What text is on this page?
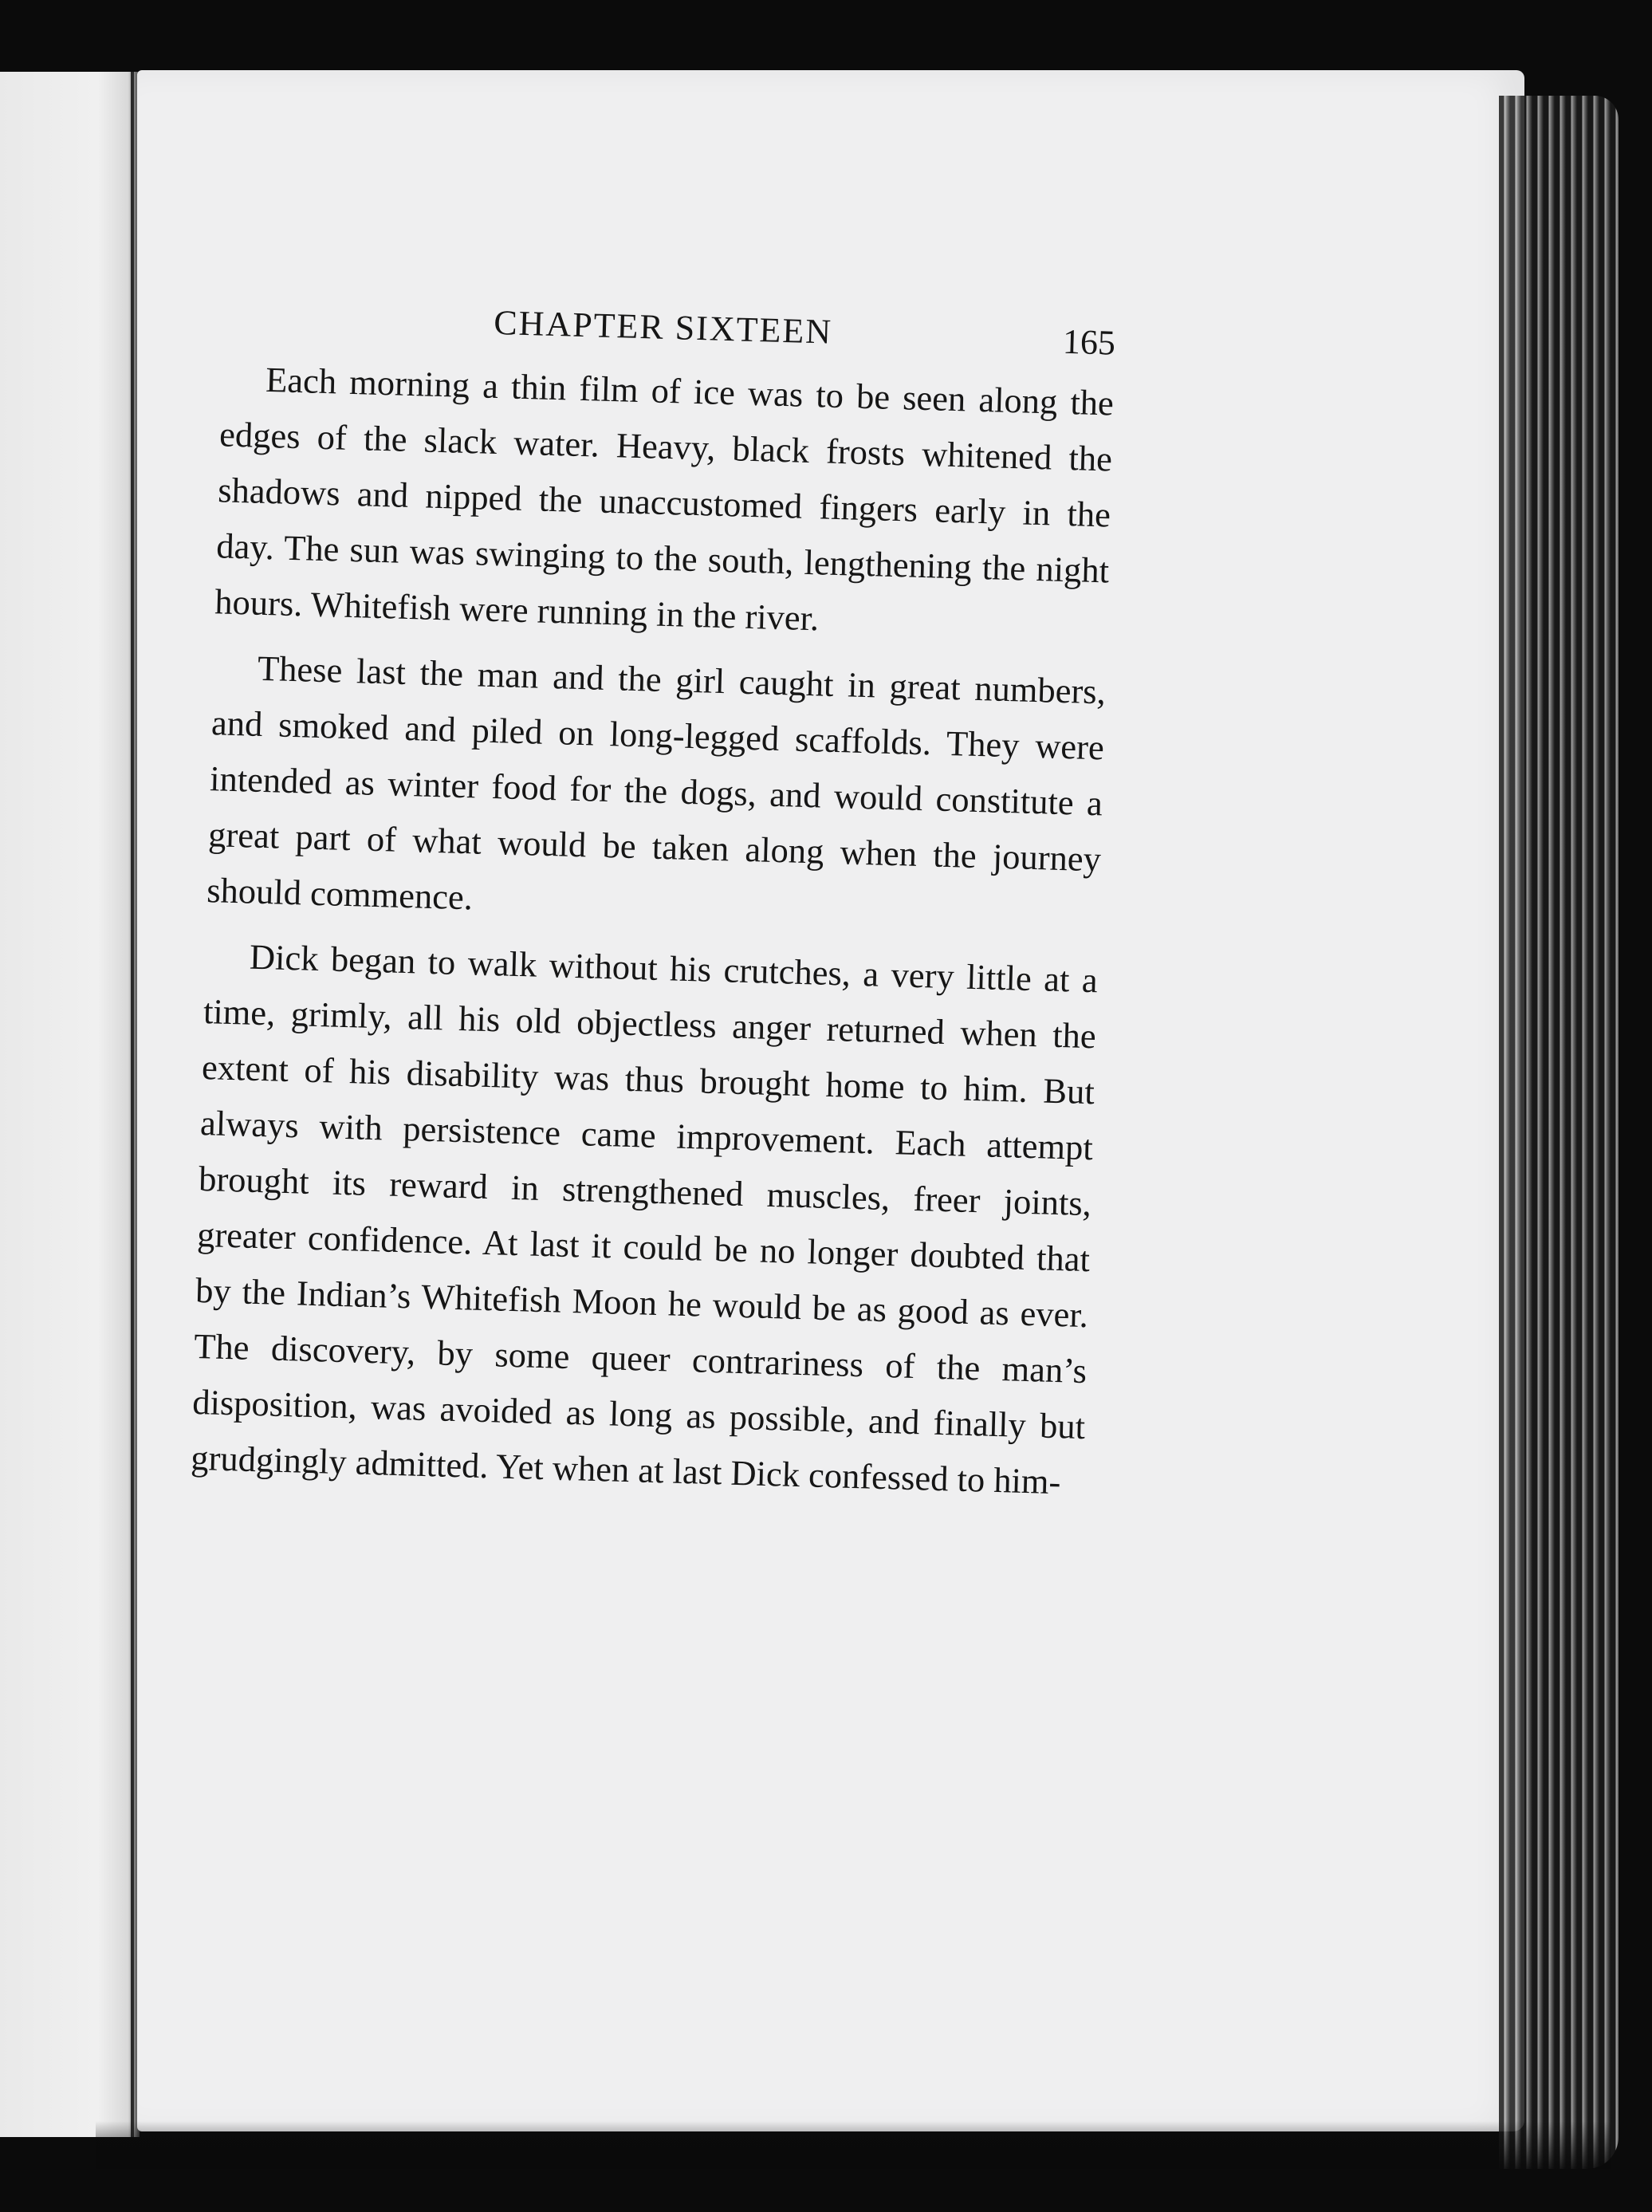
CHAPTER SIXTEEN	165

Each morning a thin film of ice was to be seen along the edges of the slack water. Heavy, black frosts whitened the shadows and nipped the unaccustomed fingers early in the day. The sun was swinging to the south, lengthening the night hours. Whitefish were running in the river.

These last the man and the girl caught in great numbers, and smoked and piled on long-legged scaffolds. They were intended as winter food for the dogs, and would constitute a great part of what would be taken along when the journey should commence.

Dick began to walk without his crutches, a very little at a time, grimly, all his old objectless anger returned when the extent of his disability was thus brought home to him. But always with persistence came improvement. Each attempt brought its reward in strengthened muscles, freer joints, greater confidence. At last it could be no longer doubted that by the Indian’s Whitefish Moon he would be as good as ever. The discovery, by some queer contrariness of the man’s disposition, was avoided as long as possible, and finally but grudgingly admitted. Yet when at last Dick confessed to him-
